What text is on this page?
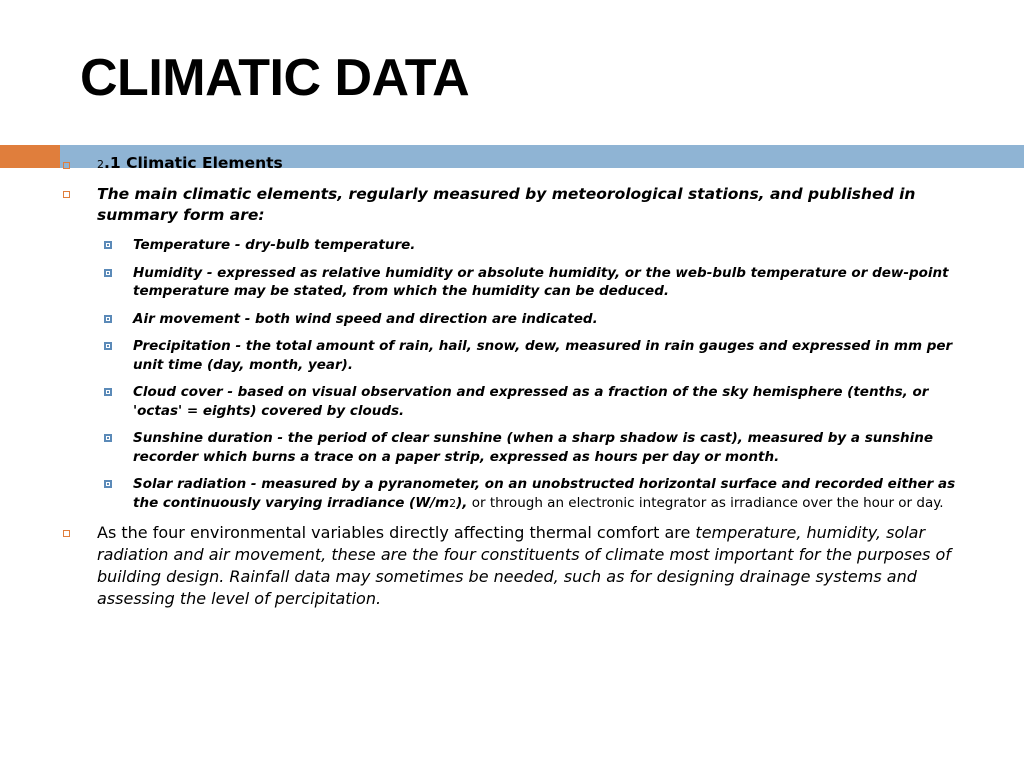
CLIMATIC DATA
2.1 Climatic Elements
The main climatic elements, regularly measured by meteorological stations, and published in summary form are:
Temperature - dry-bulb temperature.
Humidity - expressed as relative humidity or absolute humidity, or the web-bulb temperature or dew-point temperature may be stated, from which the humidity can be deduced.
Air movement - both wind speed and direction are indicated.
Precipitation - the total amount of rain, hail, snow, dew, measured in rain gauges and expressed in mm per unit time (day, month, year).
Cloud cover - based on visual observation and expressed as a fraction of the sky hemisphere (tenths, or 'octas' = eights) covered by clouds.
Sunshine duration - the period of clear sunshine (when a sharp shadow is cast), measured by a sunshine recorder which burns a trace on a paper strip, expressed as hours per day or month.
Solar radiation - measured by a pyranometer, on an unobstructed horizontal surface and recorded either as the continuously varying irradiance (W/m2), or through an electronic integrator as irradiance over the hour or day.
As the four environmental variables directly affecting thermal comfort are temperature, humidity, solar radiation and air movement, these are the four constituents of climate most important for the purposes of building design. Rainfall data may sometimes be needed, such as for designing drainage systems and assessing the level of percipitation.
